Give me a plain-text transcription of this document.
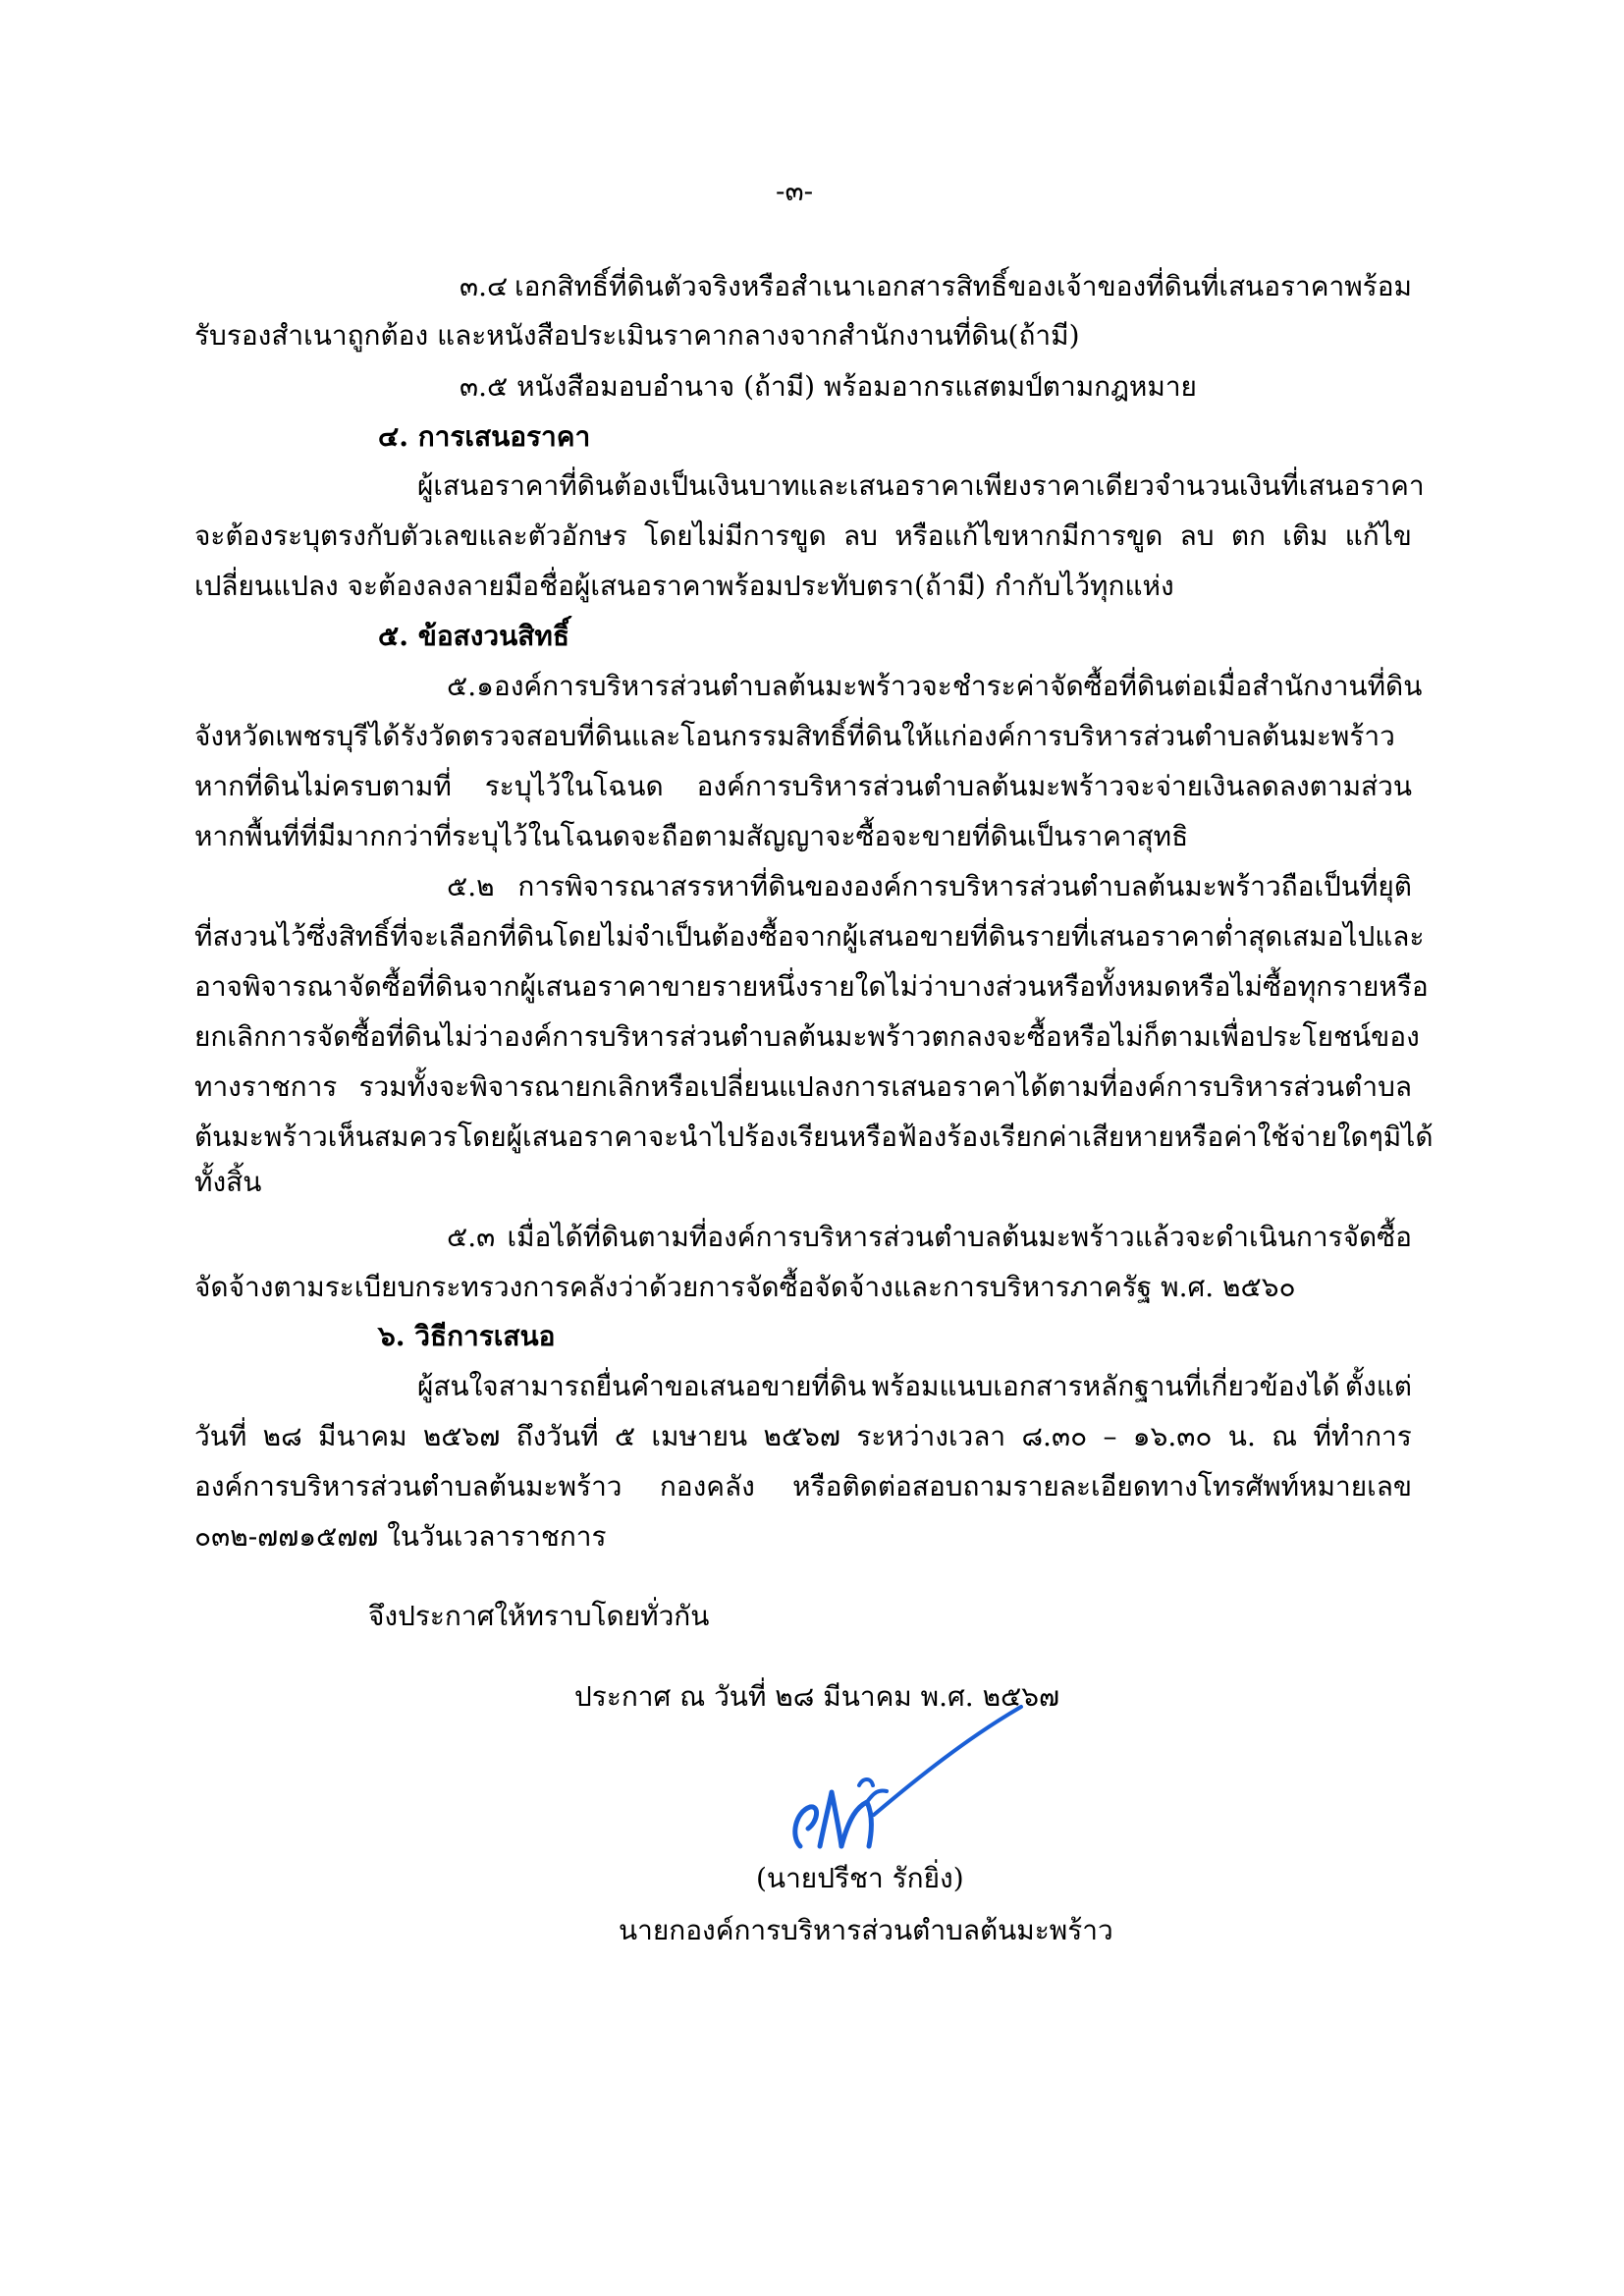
-๓-
๓.๔ เอกสิทธิ์ที่ดินตัวจริงหรือสำเนาเอกสารสิทธิ์ของเจ้าของที่ดินที่เสนอราคาพร้อม
รับรองสำเนาถูกต้อง และหนังสือประเมินราคากลางจากสำนักงานที่ดิน(ถ้ามี)
๓.๕ หนังสือมอบอำนาจ (ถ้ามี) พร้อมอากรแสตมป์ตามกฎหมาย
๔. การเสนอราคา
ผู้เสนอราคาที่ดิน ต้องเป็นเงินบาทและเสนอราคาเพียงราคาเดียวจำนวนเงินที่เสนอราคา
จะต้องระบุตรงกับตัวเลขและตัวอักษร โดยไม่มีการขูด ลบ หรือแก้ไขหากมีการขูด ลบ ตก เติม แก้ไข
เปลี่ยนแปลง จะต้องลงลายมือชื่อผู้เสนอราคาพร้อมประทับตรา(ถ้ามี) กำกับไว้ทุกแห่ง
๕. ข้อสงวนสิทธิ์
๕.๑ องค์การบริหารส่วนตำบลต้นมะพร้าวจะชำระค่าจัดซื้อที่ดินต่อเมื่อสำนักงานที่ดิน
จังหวัดเพชรบุรีได้รังวัดตรวจสอบที่ดินและโอนกรรมสิทธิ์ที่ดินให้แก่องค์การบริหารส่วนตำบลต้นมะพร้าว
หากที่ดินไม่ครบตามที่ ระบุไว้ในโฉนด องค์การบริหารส่วนตำบลต้นมะพร้าวจะจ่ายเงินลดลงตามส่วน
หากพื้นที่ที่มีมากกว่าที่ระบุไว้ในโฉนดจะถือตามสัญญาจะซื้อจะขายที่ดินเป็นราคาสุทธิ
๕.๒ การพิจารณาสรรหาที่ดินขององค์การบริหารส่วนตำบลต้นมะพร้าวถือเป็นที่ยุติ
ที่สงวนไว้ซึ่งสิทธิ์ที่จะเลือกที่ดิน โดยไม่จำเป็นต้องซื้อจากผู้เสนอขายที่ดินรายที่เสนอราคาต่ำสุดเสมอไป และ
อาจพิจารณาจัดซื้อที่ดินจากผู้เสนอราคาขายรายหนึ่งรายใด ไม่ว่าบางส่วนหรือทั้งหมดหรือไม่ซื้อทุกราย หรือ
ยกเลิกการจัดซื้อที่ดิน ไม่ว่าองค์การบริหารส่วนตำบลต้นมะพร้าวตกลงจะซื้อหรือไม่ก็ตามเพื่อประโยชน์ของ
ทางราชการ รวมทั้งจะพิจารณายกเลิกหรือเปลี่ยนแปลงการเสนอราคาได้ตามที่องค์การบริหารส่วนตำบล
ต้นมะพร้าวเห็นสมควร โดยผู้เสนอราคาจะนำไปร้องเรียนหรือฟ้องร้องเรียกค่าเสียหายหรือค่าใช้จ่ายใดๆ มิได้
ทั้งสิ้น
๕.๓ เมื่อได้ที่ดินตามที่องค์การบริหารส่วนตำบลต้นมะพร้าวแล้วจะดำเนินการจัดซื้อ
จัดจ้างตามระเบียบกระทรวงการคลังว่าด้วยการจัดซื้อจัดจ้างและการบริหารภาครัฐ พ.ศ. ๒๕๖๐
๖. วิธีการเสนอ
ผู้สนใจสามารถยื่นคำขอเสนอขายที่ดิน พร้อมแนบเอกสารหลักฐานที่เกี่ยวข้องได้ ตั้งแต่
วันที่ ๒๘ มีนาคม ๒๕๖๗ ถึงวันที่ ๕ เมษายน ๒๕๖๗ ระหว่างเวลา ๘.๓๐ – ๑๖.๓๐ น. ณ ที่ทำการ
องค์การบริหารส่วนตำบลต้นมะพร้าว กองคลัง หรือติดต่อสอบถามรายละเอียดทางโทรศัพท์หมายเลข
๐๓๒-๗๗๑๕๗๗ ในวันเวลาราชการ
จึงประกาศให้ทราบโดยทั่วกัน
ประกาศ ณ วันที่ ๒๘ มีนาคม พ.ศ. ๒๕๖๗
(นายปรีชา รักยิ่ง)
นายกองค์การบริหารส่วนตำบลต้นมะพร้าว
